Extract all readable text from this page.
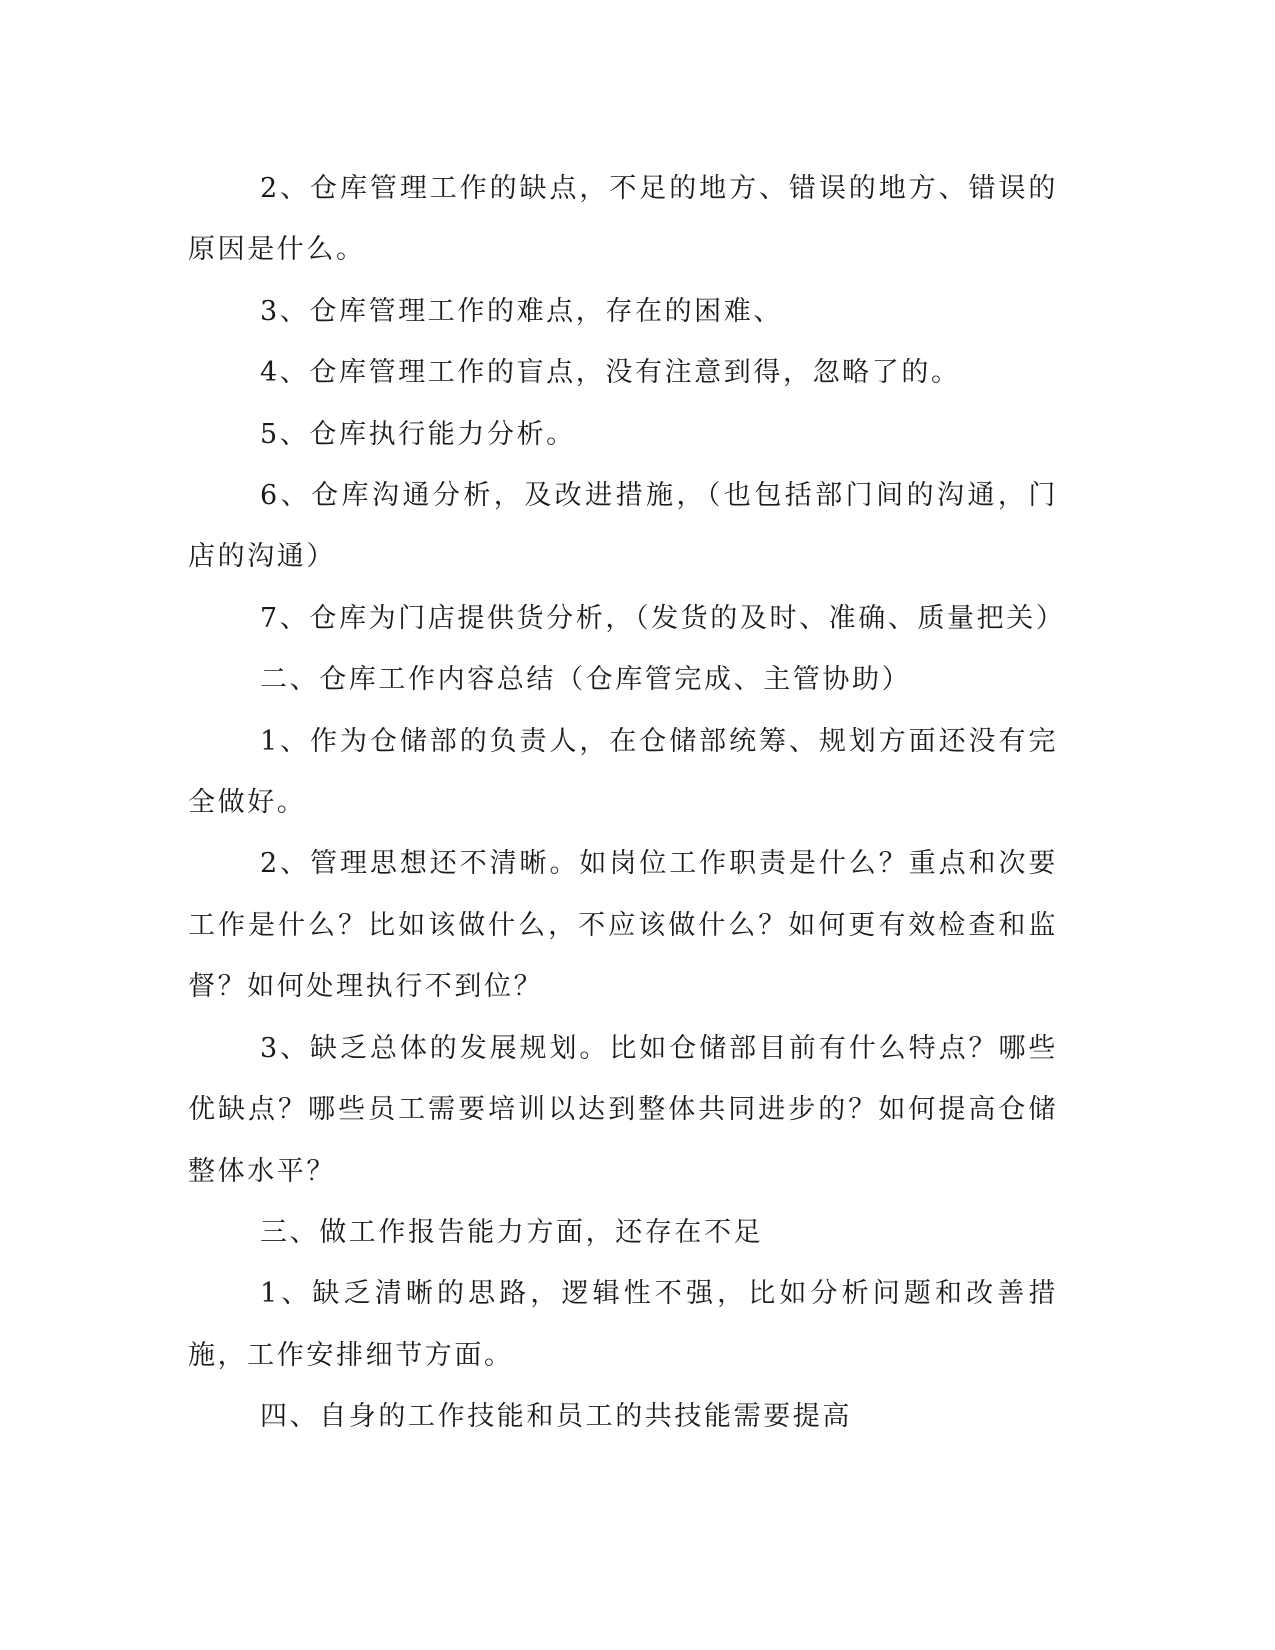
2、仓库管理工作的缺点，不足的地方、错误的地方、错误的原因是什么。

3、仓库管理工作的难点，存在的困难、

4、仓库管理工作的盲点，没有注意到得，忽略了的。

5、仓库执行能力分析。

6、仓库沟通分析，及改进措施，（也包括部门间的沟通，门店的沟通）

7、仓库为门店提供货分析，（发货的及时、准确、质量把关）

二、仓库工作内容总结（仓库管完成、主管协助）

1、作为仓储部的负责人，在仓储部统筹、规划方面还没有完全做好。

2、管理思想还不清晰。如岗位工作职责是什么？重点和次要工作是什么？比如该做什么，不应该做什么？如何更有效检查和监督？如何处理执行不到位？

3、缺乏总体的发展规划。比如仓储部目前有什么特点？哪些优缺点？哪些员工需要培训以达到整体共同进步的？如何提高仓储整体水平？

三、做工作报告能力方面，还存在不足

1、缺乏清晰的思路，逻辑性不强，比如分析问题和改善措施，工作安排细节方面。

四、自身的工作技能和员工的共技能需要提高
